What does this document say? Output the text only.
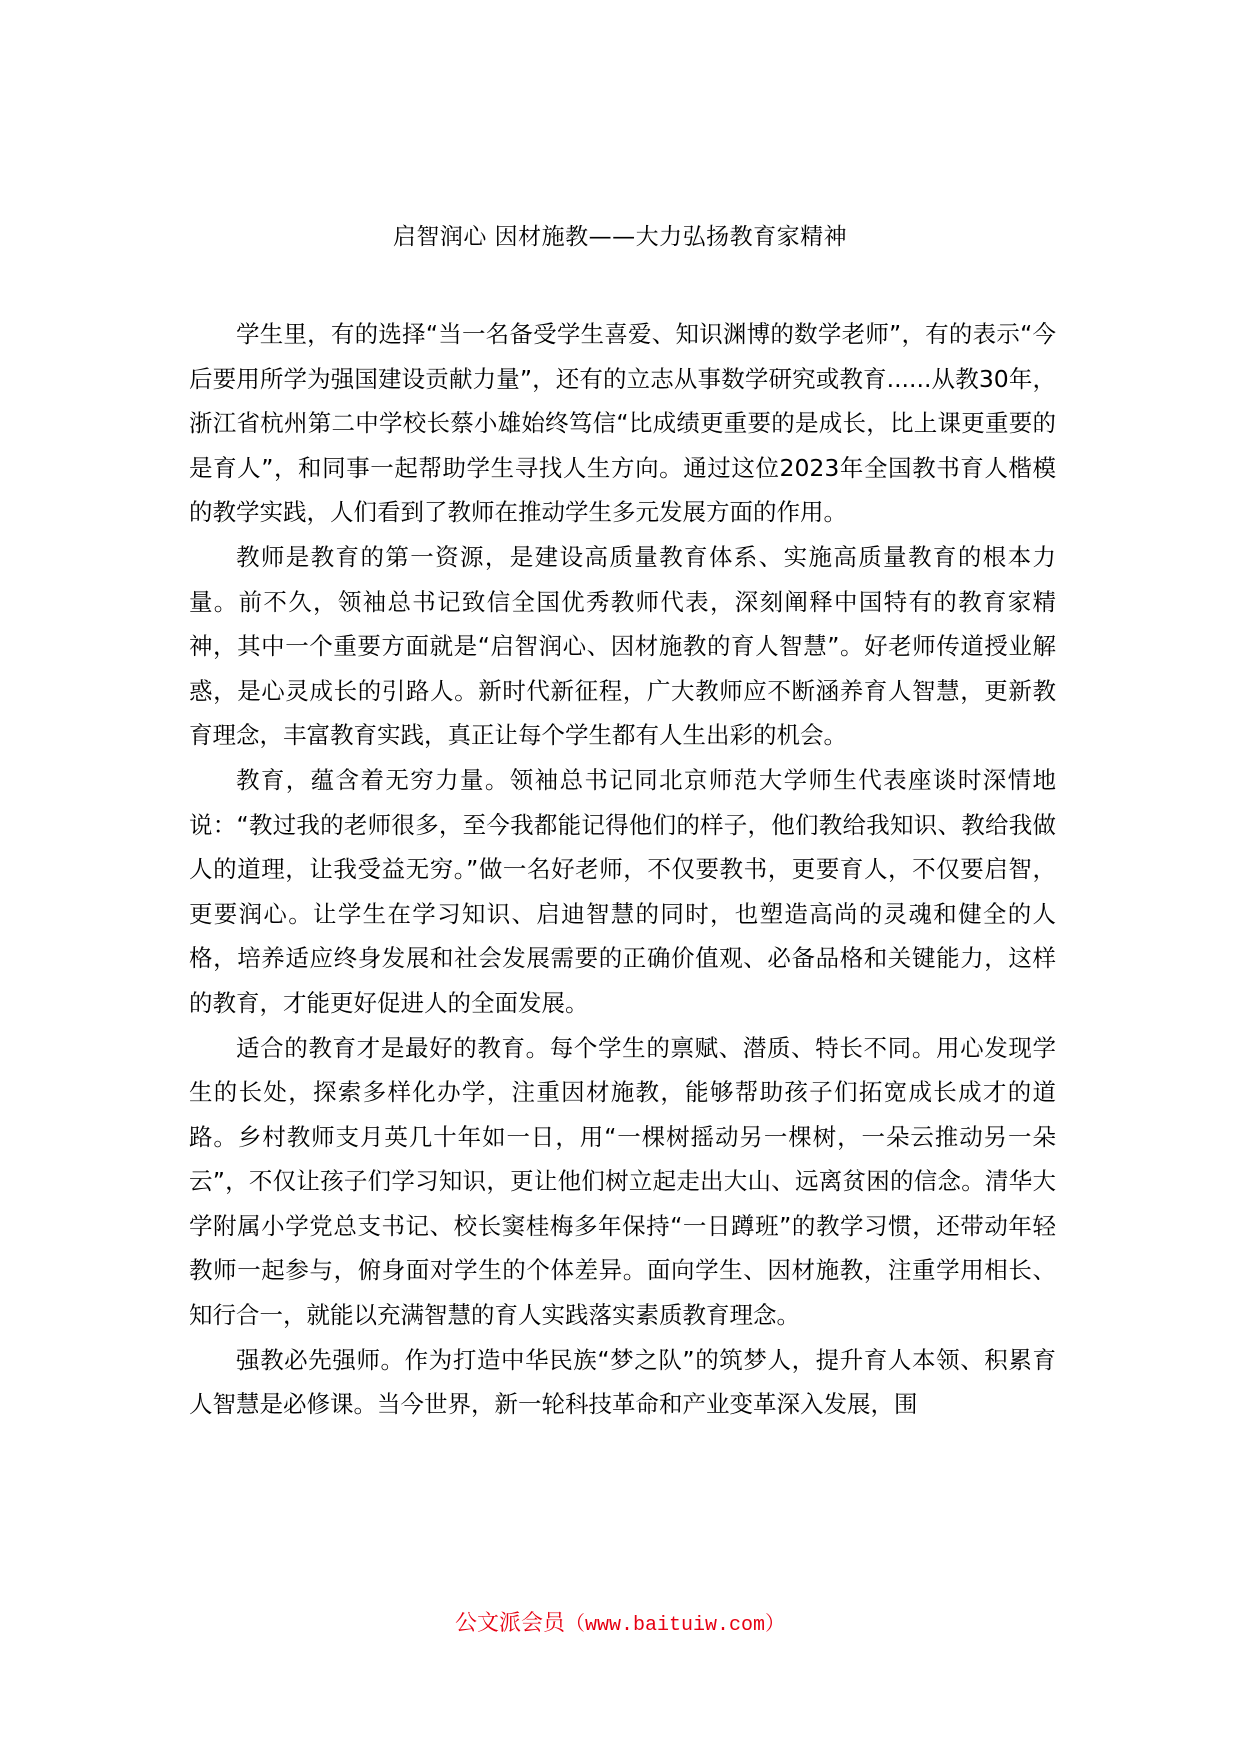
启智润心 因材施教——大力弘扬教育家精神

学生里，有的选择“当一名备受学生喜爱、知识渊博的数学老师”，有的表示“今后要用所学为强国建设贡献力量”，还有的立志从事数学研究或教育......从教30年，浙江省杭州第二中学校长蔡小雄始终笃信“比成绩更重要的是成长，比上课更重要的是育人”，和同事一起帮助学生寻找人生方向。通过这位2023年全国教书育人楷模的教学实践，人们看到了教师在推动学生多元发展方面的作用。

教师是教育的第一资源，是建设高质量教育体系、实施高质量教育的根本力量。前不久，领袖总书记致信全国优秀教师代表，深刻阐释中国特有的教育家精神，其中一个重要方面就是“启智润心、因材施教的育人智慧”。好老师传道授业解惑，是心灵成长的引路人。新时代新征程，广大教师应不断涵养育人智慧，更新教育理念，丰富教育实践，真正让每个学生都有人生出彩的机会。

教育，蕴含着无穷力量。领袖总书记同北京师范大学师生代表座谈时深情地说：“教过我的老师很多，至今我都能记得他们的样子，他们教给我知识、教给我做人的道理，让我受益无穷。”做一名好老师，不仅要教书，更要育人，不仅要启智，更要润心。让学生在学习知识、启迪智慧的同时，也塑造高尚的灵魂和健全的人格，培养适应终身发展和社会发展需要的正确价值观、必备品格和关键能力，这样的教育，才能更好促进人的全面发展。

适合的教育才是最好的教育。每个学生的禀赋、潜质、特长不同。用心发现学生的长处，探索多样化办学，注重因材施教，能够帮助孩子们拓宽成长成才的道路。乡村教师支月英几十年如一日，用“一棵树摇动另一棵树，一朵云推动另一朵云”，不仅让孩子们学习知识，更让他们树立起走出大山、远离贫困的信念。清华大学附属小学党总支书记、校长窦桂梅多年保持“一日蹲班”的教学习惯，还带动年轻教师一起参与，俯身面对学生的个体差异。面向学生、因材施教，注重学用相长、知行合一，就能以充满智慧的育人实践落实素质教育理念。

强教必先强师。作为打造中华民族“梦之队”的筑梦人，提升育人本领、积累育人智慧是必修课。当今世界，新一轮科技革命和产业变革深入发展，围

公文派会员（www.baituiw.com）
